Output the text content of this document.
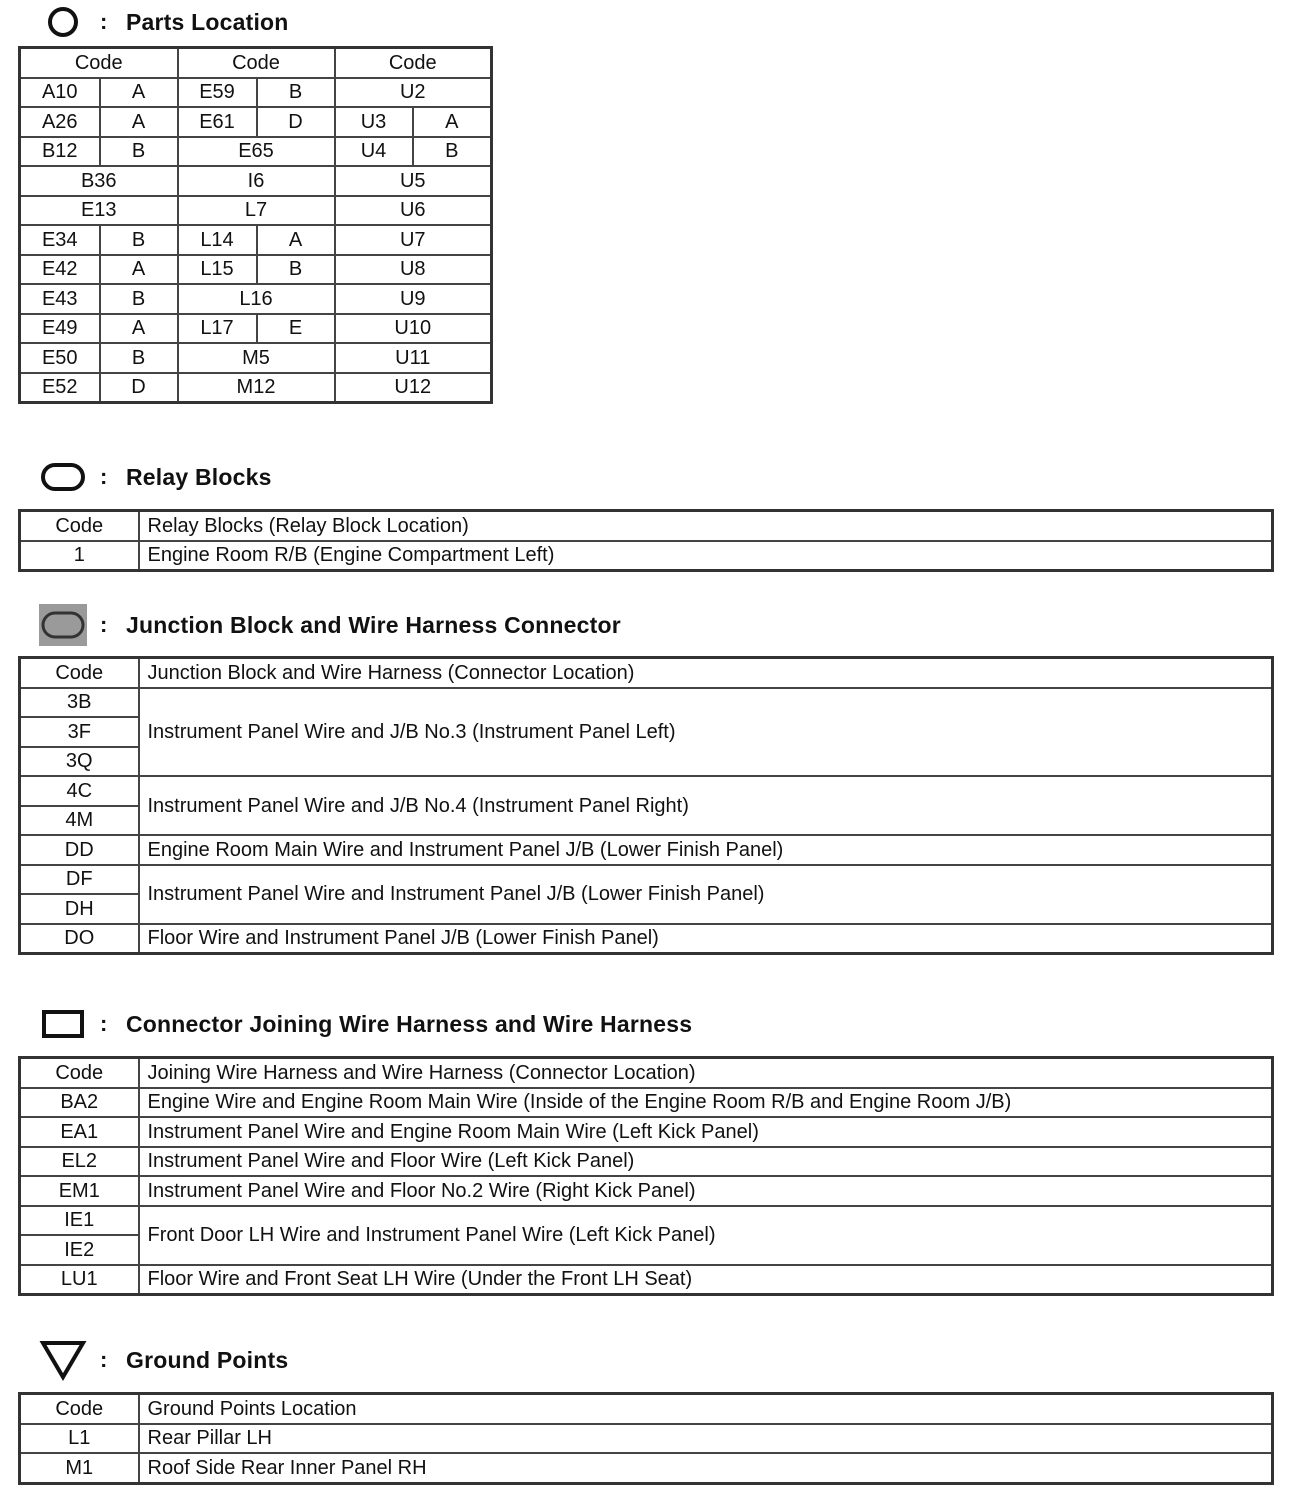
: Parts Location
Code		Code		Code	
A10	A	E59	B	U2	
A26	A	E61	D	U3	A
B12	B	E65		U4	B
B36		I6		U5	
E13		L7		U6	
E34	B	L14	A	U7	
E42	A	L15	B	U8	
E43	B	L16		U9	
E49	A	L17	E	U10	
E50	B	M5		U11	
E52	D	M12		U12	
: Relay Blocks
Code	Relay Blocks (Relay Block Location)
1	Engine Room R/B (Engine Compartment Left)
: Junction Block and Wire Harness Connector
Code	Junction Block and Wire Harness (Connector Location)
3B	Instrument Panel Wire and J/B No.3 (Instrument Panel Left)
3F	
3Q	
4C	Instrument Panel Wire and J/B No.4 (Instrument Panel Right)
4M	
DD	Engine Room Main Wire and Instrument Panel J/B (Lower Finish Panel)
DF	Instrument Panel Wire and Instrument Panel J/B (Lower Finish Panel)
DH	
DO	Floor Wire and Instrument Panel J/B (Lower Finish Panel)
: Connector Joining Wire Harness and Wire Harness
Code	Joining Wire Harness and Wire Harness (Connector Location)
BA2	Engine Wire and Engine Room Main Wire (Inside of the Engine Room R/B and Engine Room J/B)
EA1	Instrument Panel Wire and Engine Room Main Wire (Left Kick Panel)
EL2	Instrument Panel Wire and Floor Wire (Left Kick Panel)
EM1	Instrument Panel Wire and Floor No.2 Wire (Right Kick Panel)
IE1	Front Door LH Wire and Instrument Panel Wire (Left Kick Panel)
IE2	
LU1	Floor Wire and Front Seat LH Wire (Under the Front LH Seat)
: Ground Points
Code	Ground Points Location
L1	Rear Pillar LH
M1	Roof Side Rear Inner Panel RH
